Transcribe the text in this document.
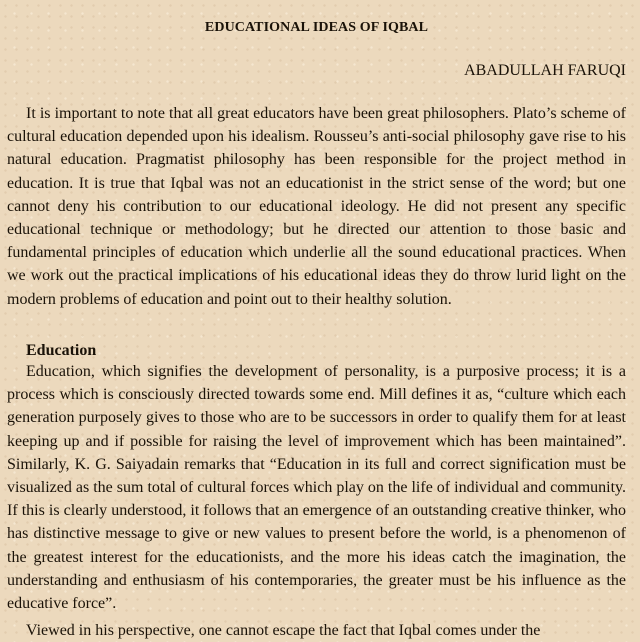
EDUCATIONAL IDEAS OF IQBAL
ABADULLAH FARUQI

It is important to note that all great educators have been great philosophers. Plato’s scheme of cultural education depended upon his idealism. Rousseu’s anti-social philosophy gave rise to his natural education. Pragmatist philosophy has been responsible for the project method in education. It is true that Iqbal was not an educationist in the strict sense of the word; but one cannot deny his contribution to our educational ideology. He did not present any specific educational technique or methodology; but he directed our attention to those basic and fundamental principles of education which underlie all the sound educational practices. When we work out the practical implications of his educational ideas they do throw lurid light on the modern problems of education and point out to their healthy solution.

Education

Education, which signifies the development of personality, is a purposive process; it is a process which is consciously directed towards some end. Mill defines it as, “culture which each generation purposely gives to those who are to be successors in order to qualify them for at least keeping up and if possible for raising the level of improvement which has been maintained”. Similarly, K. G. Saiyadain remarks that “Education in its full and correct signification must be visualized as the sum total of cultural forces which play on the life of individual and community. If this is clearly understood, it follows that an emergence of an outstanding creative thinker, who has distinctive message to give or new values to present before the world, is a phenomenon of the greatest interest for the educationists, and the more his ideas catch the imagination, the understanding and enthusiasm of his contemporaries, the greater must be his influence as the educative force”.

Viewed in his perspective, one cannot escape the fact that Iqbal comes under the
